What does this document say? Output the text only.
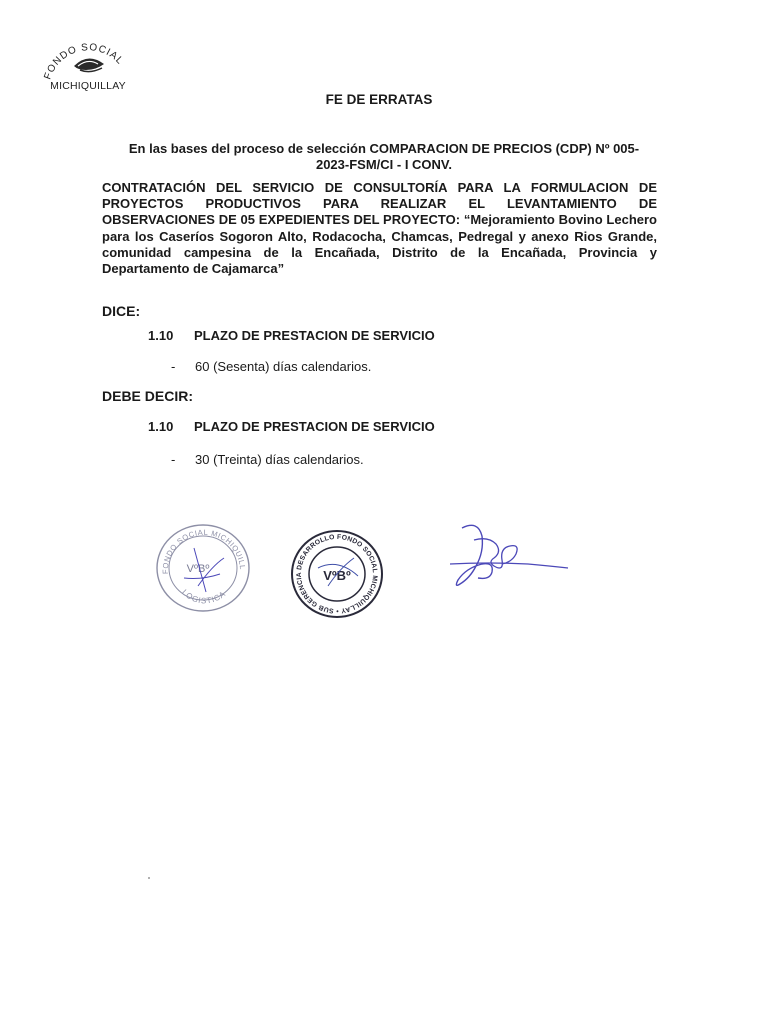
FONDO SOCIAL
MICHIQUILLAY
FE DE ERRATAS
En las bases del proceso de selección COMPARACION DE PRECIOS (CDP) Nº 005- 2023-FSM/CI - I CONV.
CONTRATACIÓN DEL SERVICIO DE CONSULTORÍA PARA LA FORMULACION DE PROYECTOS PRODUCTIVOS PARA REALIZAR EL LEVANTAMIENTO DE OBSERVACIONES DE 05 EXPEDIENTES DEL PROYECTO: “Mejoramiento Bovino Lechero para los Caseríos Sogoron Alto, Rodacocha, Chamcas, Pedregal y anexo Rios Grande, comunidad campesina de la Encañada, Distrito de la Encañada, Provincia y Departamento de Cajamarca”
DICE:
1.10 PLAZO DE PRESTACION DE SERVICIO
- 60 (Sesenta) días calendarios.
DEBE DECIR:
1.10 PLAZO DE PRESTACION DE SERVICIO
- 30 (Treinta) días calendarios.
FONDO SOCIAL MICHIQUILL
LOGISTICA
VºBº
FONDO SOCIAL MICHIQUILLAY • SUB GERENCIA DESARROLLO
VºBº
